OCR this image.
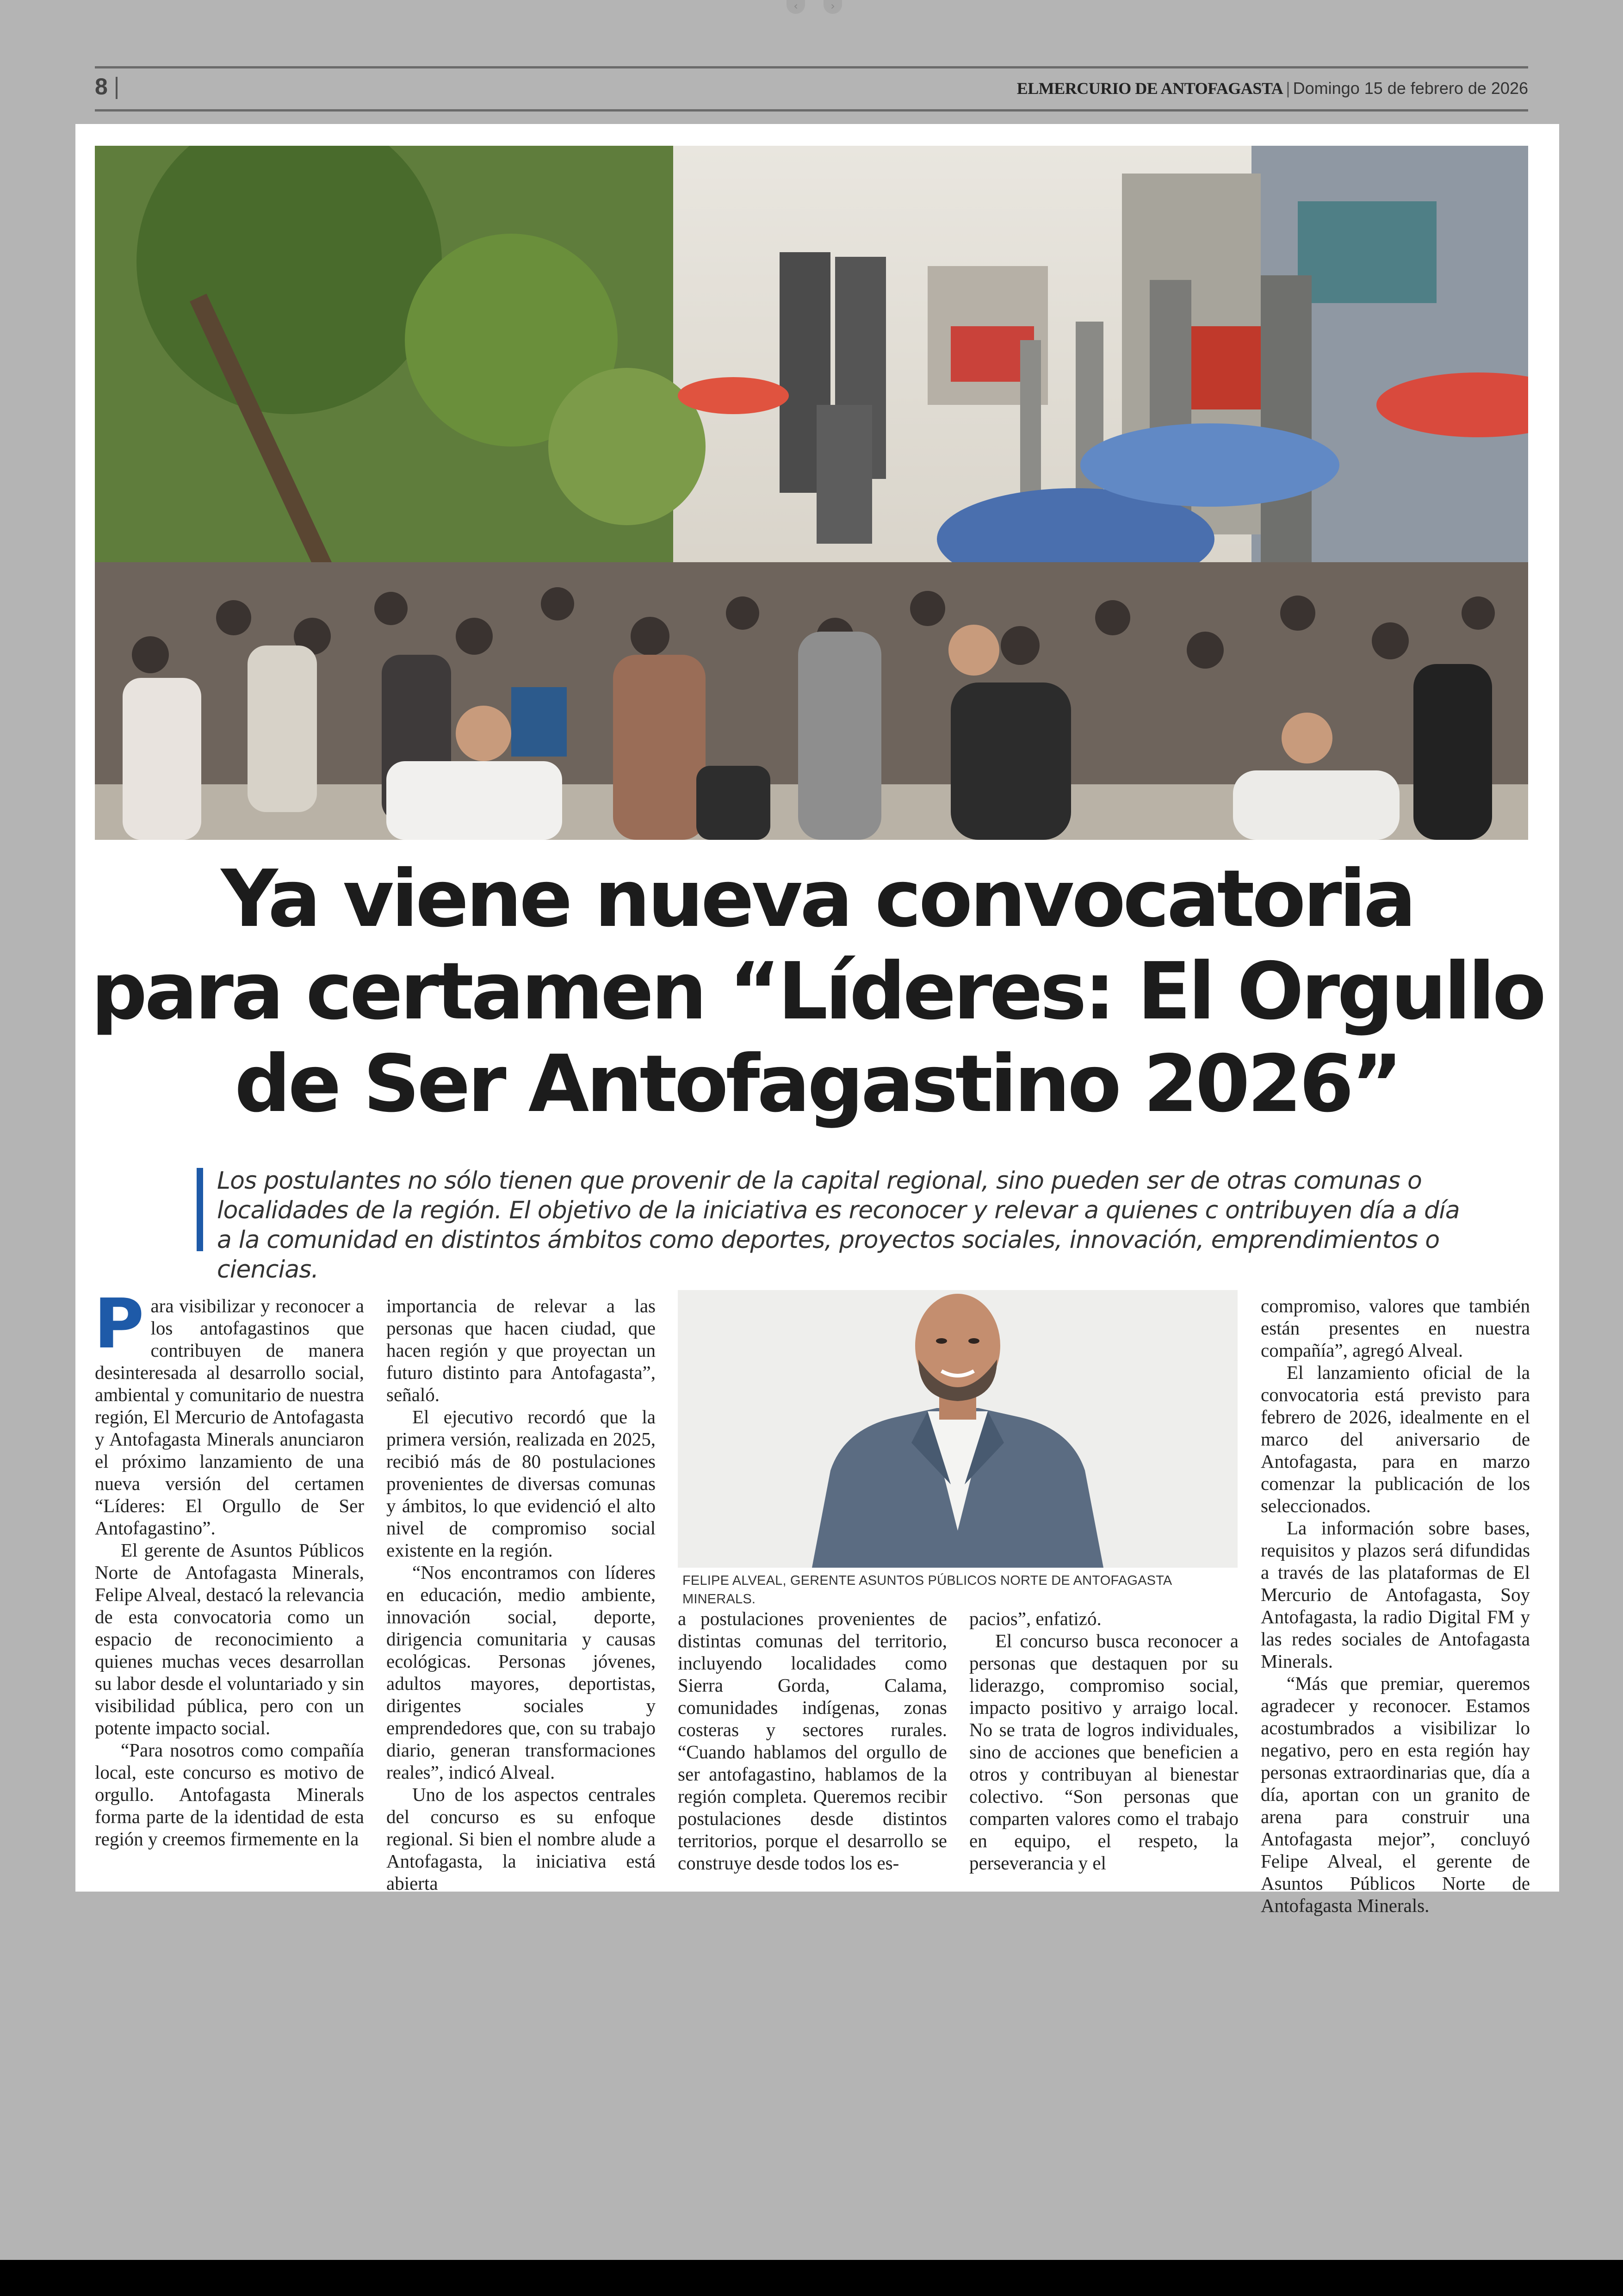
‹	›
8	ELMERCURIO DE ANTOFAGASTA | Domingo 15 de febrero de 2026
Ya viene nueva convocatoria
para certamen “Líderes: El Orgullo
de Ser Antofagastino 2026”

Los postulantes no sólo tienen que provenir de la capital regional, sino pueden ser de otras comunas o
localidades de la región. El objetivo de la iniciativa es reconocer y relevar a quienes c ontribuyen día a día
a la comunidad en distintos ámbitos como deportes, proyectos sociales, innovación, emprendimientos o ciencias.

Para visibilizar y reconocer a los antofagastinos que contribuyen de manera desinteresada al desarrollo social, ambiental y comunitario de nuestra región, El Mercurio de Antofagasta y Antofagasta Minerals anunciaron el próximo lanzamiento de una nueva versión del certamen “Líderes: El Orgullo de Ser Antofagastino”.

El gerente de Asuntos Públicos Norte de Antofagasta Minerals, Felipe Alveal, destacó la relevancia de esta convocatoria como un espacio de reconocimiento a quienes muchas veces desarrollan su labor desde el voluntariado y sin visibilidad pública, pero con un potente impacto social.

“Para nosotros como compañía local, este concurso es motivo de orgullo. Antofagasta Minerals forma parte de la identidad de esta región y creemos firmemente en la

importancia de relevar a las personas que hacen ciudad, que hacen región y que proyectan un futuro distinto para Antofagasta”, señaló.

El ejecutivo recordó que la primera versión, realizada en 2025, recibió más de 80 postulaciones provenientes de diversas comunas y ámbitos, lo que evidenció el alto nivel de compromiso social existente en la región.

“Nos encontramos con líderes en educación, medio ambiente, innovación social, deporte, dirigencia comunitaria y causas ecológicas. Personas jóvenes, adultos mayores, deportistas, dirigentes sociales y emprendedores que, con su trabajo diario, generan transformaciones reales”, indicó Alveal.

Uno de los aspectos centrales del concurso es su enfoque regional. Si bien el nombre alude a Antofagasta, la iniciativa está abierta

FELIPE ALVEAL, GERENTE ASUNTOS PÚBLICOS NORTE DE ANTOFAGASTA MINERALS.

a postulaciones provenientes de distintas comunas del territorio, incluyendo localidades como Sierra Gorda, Calama, comunidades indígenas, zonas costeras y sectores rurales. “Cuando hablamos del orgullo de ser antofagastino, hablamos de la región completa. Queremos recibir postulaciones desde distintos territorios, porque el desarrollo se construye desde todos los es-

pacios”, enfatizó.

El concurso busca reconocer a personas que destaquen por su liderazgo, compromiso social, impacto positivo y arraigo local. No se trata de logros individuales, sino de acciones que beneficien a otros y contribuyan al bienestar colectivo. “Son personas que comparten valores como el trabajo en equipo, el respeto, la perseverancia y el

compromiso, valores que también están presentes en nuestra compañía”, agregó Alveal.

El lanzamiento oficial de la convocatoria está previsto para febrero de 2026, idealmente en el marco del aniversario de Antofagasta, para en marzo comenzar la publicación de los seleccionados.

La información sobre bases, requisitos y plazos será difundidas a través de las plataformas de El Mercurio de Antofagasta, Soy Antofagasta, la radio Digital FM y las redes sociales de Antofagasta Minerals.

“Más que premiar, queremos agradecer y reconocer. Estamos acostumbrados a visibilizar lo negativo, pero en esta región hay personas extraordinarias que, día a día, aportan con un granito de arena para construir una Antofagasta mejor”, concluyó Felipe Alveal, el gerente de Asuntos Públicos Norte de Antofagasta Minerals.
